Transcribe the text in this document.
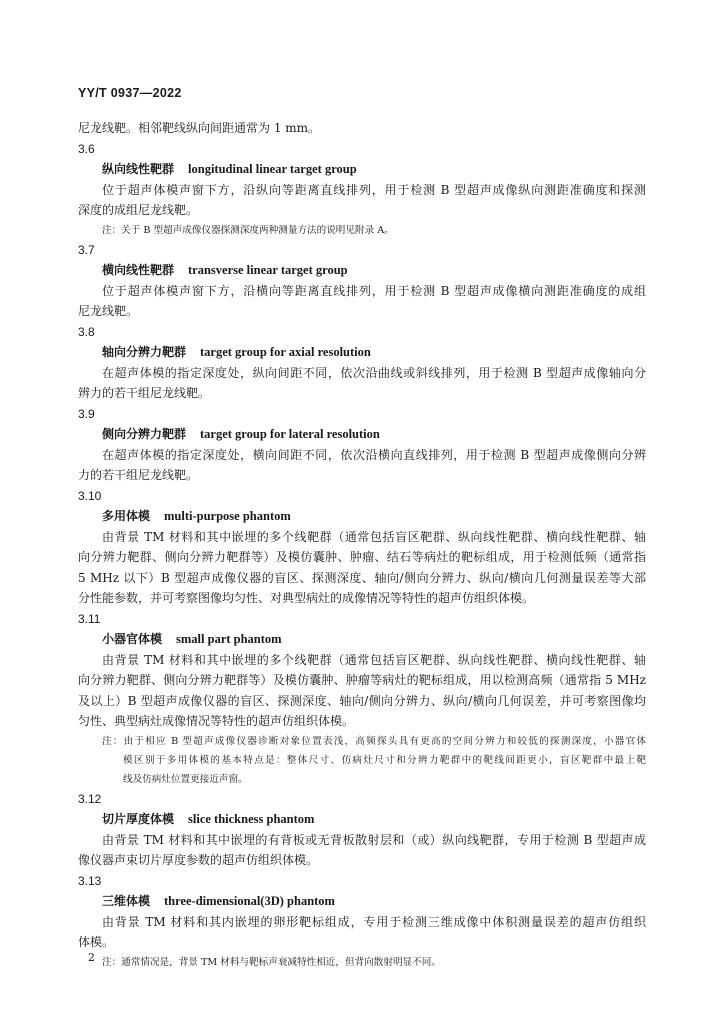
YY/T 0937—2022
尼龙线靶。相邻靶线纵向间距通常为 1 mm。
3.6
纵向线性靶群 longitudinal linear target group
位于超声体模声窗下方，沿纵向等距离直线排列，用于检测 B 型超声成像纵向测距准确度和探测
深度的成组尼龙线靶。
注：关于 B 型超声成像仪器探测深度两种测量方法的说明见附录 A。
3.7
横向线性靶群 transverse linear target group
位于超声体模声窗下方，沿横向等距离直线排列，用于检测 B 型超声成像横向测距准确度的成组
尼龙线靶。
3.8
轴向分辨力靶群 target group for axial resolution
在超声体模的指定深度处，纵向间距不同，依次沿曲线或斜线排列，用于检测 B 型超声成像轴向分
辨力的若干组尼龙线靶。
3.9
侧向分辨力靶群 target group for lateral resolution
在超声体模的指定深度处，横向间距不同，依次沿横向直线排列，用于检测 B 型超声成像侧向分辨
力的若干组尼龙线靶。
3.10
多用体模 multi-purpose phantom
由背景 TM 材料和其中嵌埋的多个线靶群（通常包括盲区靶群、纵向线性靶群、横向线性靶群、轴
向分辨力靶群、侧向分辨力靶群等）及模仿囊肿、肿瘤、结石等病灶的靶标组成，用于检测低频（通常指
5 MHz 以下）B 型超声成像仪器的盲区、探测深度、轴向/侧向分辨力、纵向/横向几何测量误差等大部
分性能参数，并可考察图像均匀性、对典型病灶的成像情况等特性的超声仿组织体模。
3.11
小器官体模 small part phantom
由背景 TM 材料和其中嵌埋的多个线靶群（通常包括盲区靶群、纵向线性靶群、横向线性靶群、轴
向分辨力靶群、侧向分辨力靶群等）及模仿囊肿、肿瘤等病灶的靶标组成，用以检测高频（通常指 5 MHz
及以上）B 型超声成像仪器的盲区、探测深度、轴向/侧向分辨力、纵向/横向几何误差，并可考察图像均
匀性、典型病灶成像情况等特性的超声仿组织体模。
注：由于相应 B 型超声成像仪器诊断对象位置表浅，高频探头具有更高的空间分辨力和较低的探测深度，小器官体
模区别于多用体模的基本特点是：整体尺寸、仿病灶尺寸和分辨力靶群中的靶线间距更小，盲区靶群中最上靶
线及仿病灶位置更接近声窗。
3.12
切片厚度体模 slice thickness phantom
由背景 TM 材料和其中嵌埋的有背板或无背板散射层和（或）纵向线靶群，专用于检测 B 型超声成
像仪器声束切片厚度参数的超声仿组织体模。
3.13
三维体模 three-dimensional(3D) phantom
由背景 TM 材料和其内嵌埋的卵形靶标组成，专用于检测三维成像中体积测量误差的超声仿组织
体模。
注：通常情况是，背景 TM 材料与靶标声衰减特性相近，但背向散射明显不同。
2
